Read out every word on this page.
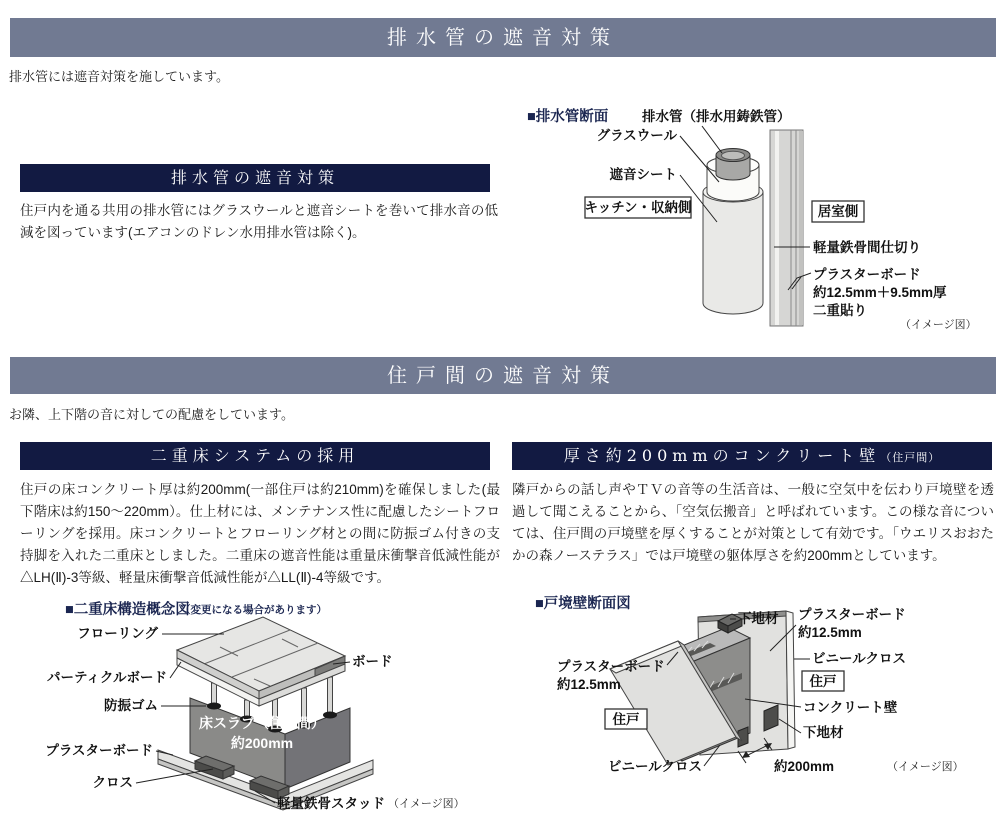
排水管の遮音対策
排水管には遮音対策を施しています。
排水管の遮音対策
住戸内を通る共用の排水管にはグラスウールと遮音シートを巻いて排水音の低減を図っています(エアコンのドレン水用排水管は除く)。
■排水管断面 排水管（排水用鋳鉄管）
グラスウール
遮音シート
キッチン・収納側	居室側
軽量鉄骨間仕切り
プラスターボード
約12.5mm＋9.5mm厚
二重貼り
（イメージ図）
住戸間の遮音対策
お隣、上下階の音に対しての配慮をしています。
二重床システムの採用
住戸の床コンクリート厚は約200mm(一部住戸は約210mm)を確保しました(最下階床は約150～220mm）。仕上材には、メンテナンス性に配慮したシートフローリングを採用。床コンクリートとフローリング材との間に防振ゴム付きの支持脚を入れた二重床としました。二重床の遮音性能は重量床衝撃音低減性能が△LH(Ⅱ)-3等級、軽量床衝撃音低減性能が△LL(Ⅱ)-4等級です。
厚さ約200mmのコンクリート壁（住戸間）
隣戸からの話し声やＴＶの音等の生活音は、一般に空気中を伝わり戸境壁を透過して聞こえることから、「空気伝搬音」と呼ばれています。この様な音については、住戸間の戸境壁を厚くすることが対策として有効です。「ウエリスおおたかの森ノーステラス」では戸境壁の躯体厚さを約200mmとしています。
■二重床構造概念図
（変更になる場合があります）
フローリング
パーティクルボード
防振ゴム
ボード
床スラブ（住戸間）
約200mm
プラスターボード
クロス
軽量鉄骨スタッド （イメージ図）
■戸境壁断面図
下地材 プラスターボード
約12.5mm
ビニールクロス
住戸
コンクリート壁
下地材
プラスターボード
約12.5mm
住戸
ビニールクロス	約200mm	（イメージ図）
